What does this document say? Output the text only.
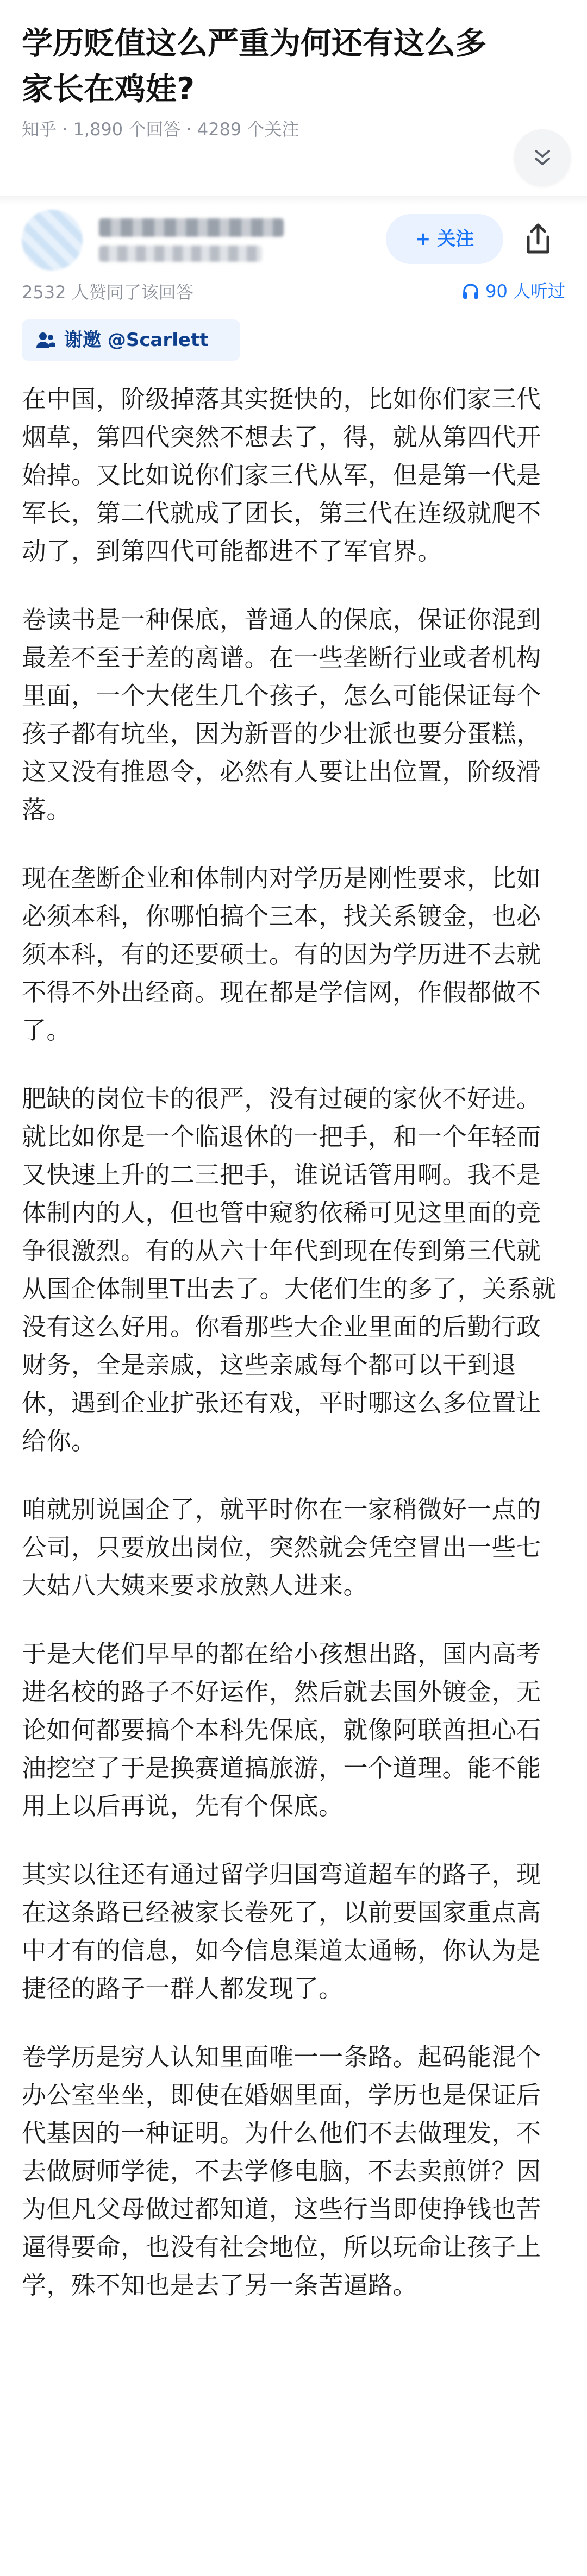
学历贬值这么严重为何还有这么多家长在鸡娃?
知乎 · 1,890 个回答 · 4289 个关注
+ 关注
2532 人赞同了该回答	90 人听过
谢邀 @Scarlett

在中国，阶级掉落其实挺快的，比如你们家三代烟草，第四代突然不想去了，得，就从第四代开始掉。又比如说你们家三代从军，但是第一代是军长，第二代就成了团长，第三代在连级就爬不动了，到第四代可能都进不了军官界。

卷读书是一种保底，普通人的保底，保证你混到最差不至于差的离谱。在一些垄断行业或者机构里面，一个大佬生几个孩子，怎么可能保证每个孩子都有坑坐，因为新晋的少壮派也要分蛋糕，这又没有推恩令，必然有人要让出位置，阶级滑落。

现在垄断企业和体制内对学历是刚性要求，比如必须本科，你哪怕搞个三本，找关系镀金，也必须本科，有的还要硕士。有的因为学历进不去就不得不外出经商。现在都是学信网，作假都做不了。

肥缺的岗位卡的很严，没有过硬的家伙不好进。就比如你是一个临退休的一把手，和一个年轻而又快速上升的二三把手，谁说话管用啊。我不是体制内的人，但也管中窥豹依稀可见这里面的竞争很激烈。有的从六十年代到现在传到第三代就从国企体制里T出去了。大佬们生的多了，关系就没有这么好用。你看那些大企业里面的后勤行政财务，全是亲戚，这些亲戚每个都可以干到退休，遇到企业扩张还有戏，平时哪这么多位置让给你。

咱就别说国企了，就平时你在一家稍微好一点的公司，只要放出岗位，突然就会凭空冒出一些七大姑八大姨来要求放熟人进来。

于是大佬们早早的都在给小孩想出路，国内高考进名校的路子不好运作，然后就去国外镀金，无论如何都要搞个本科先保底，就像阿联酋担心石油挖空了于是换赛道搞旅游，一个道理。能不能用上以后再说，先有个保底。

其实以往还有通过留学归国弯道超车的路子，现在这条路已经被家长卷死了，以前要国家重点高中才有的信息，如今信息渠道太通畅，你认为是捷径的路子一群人都发现了。

卷学历是穷人认知里面唯一一条路。起码能混个办公室坐坐，即使在婚姻里面，学历也是保证后代基因的一种证明。为什么他们不去做理发，不去做厨师学徒，不去学修电脑，不去卖煎饼？因为但凡父母做过都知道，这些行当即使挣钱也苦逼得要命，也没有社会地位，所以玩命让孩子上学，殊不知也是去了另一条苦逼路。
